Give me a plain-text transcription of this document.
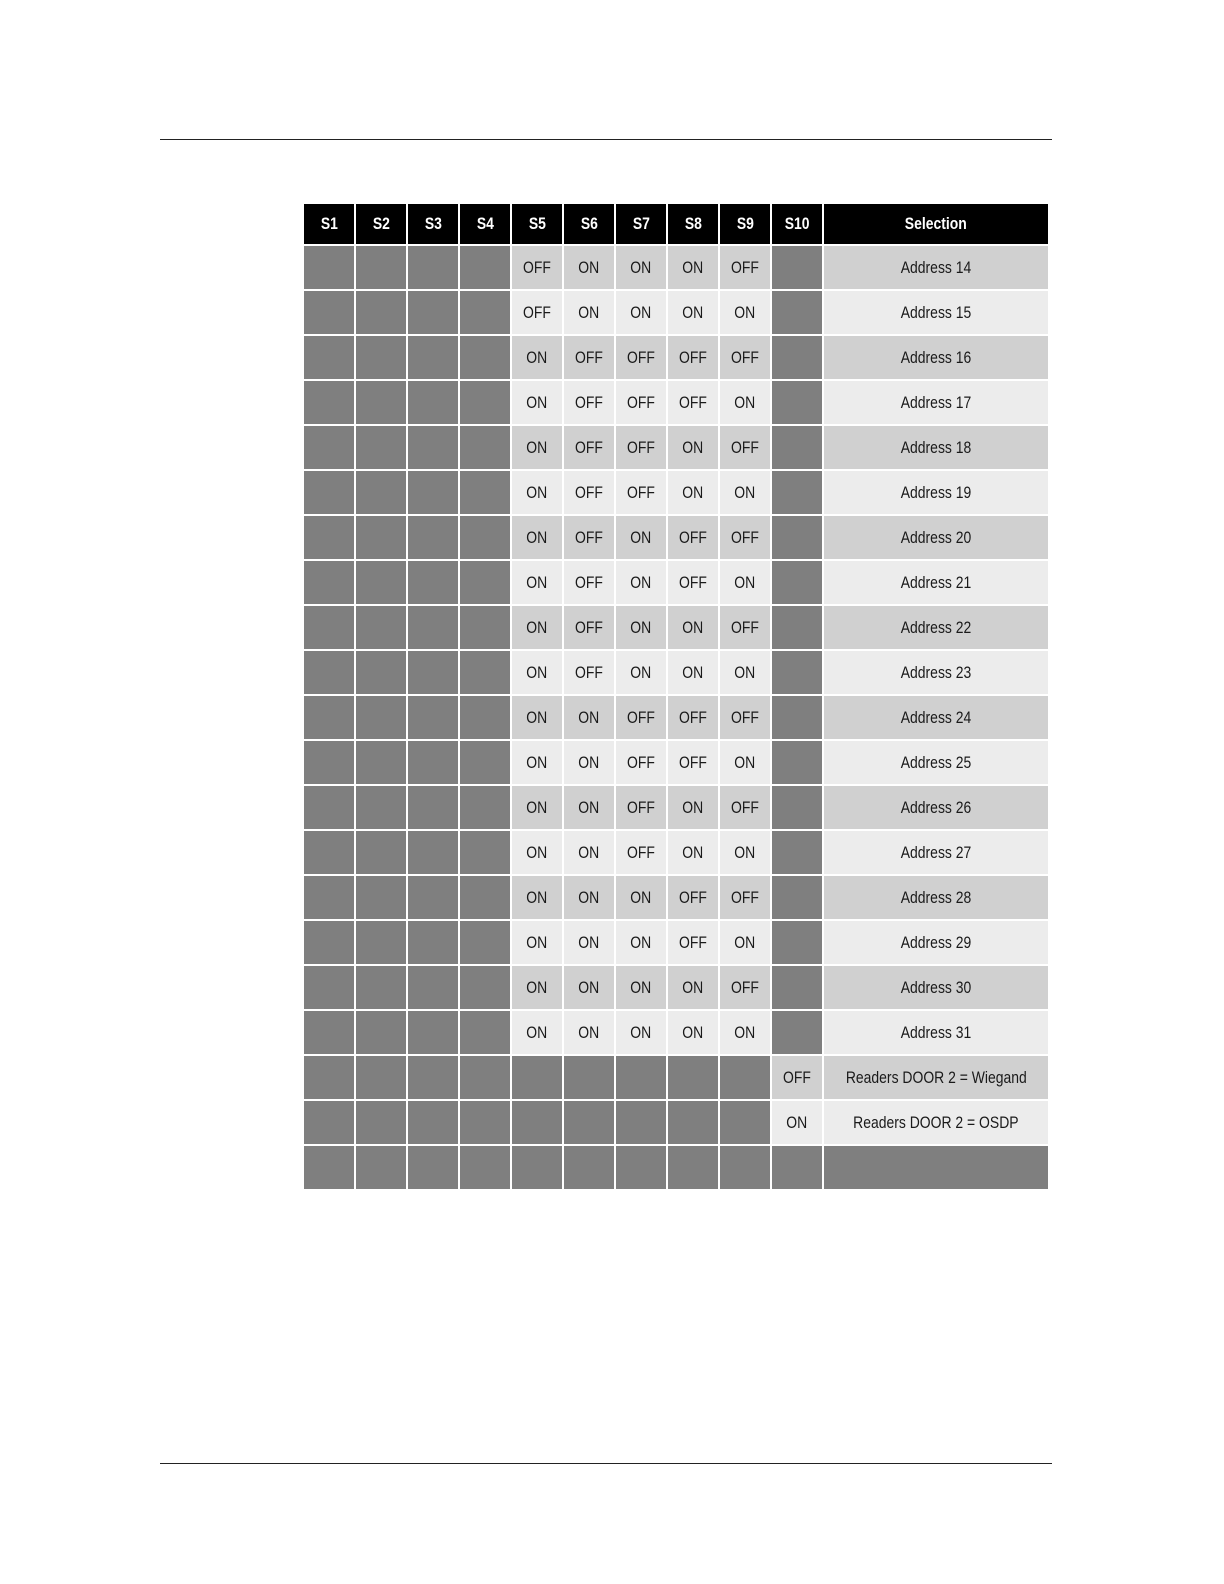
S1	S2	S3	S4	S5	S6	S7	S8	S9	S10	Selection
				OFF	ON	ON	ON	OFF		Address 14
				OFF	ON	ON	ON	ON		Address 15
				ON	OFF	OFF	OFF	OFF		Address 16
				ON	OFF	OFF	OFF	ON		Address 17
				ON	OFF	OFF	ON	OFF		Address 18
				ON	OFF	OFF	ON	ON		Address 19
				ON	OFF	ON	OFF	OFF		Address 20
				ON	OFF	ON	OFF	ON		Address 21
				ON	OFF	ON	ON	OFF		Address 22
				ON	OFF	ON	ON	ON		Address 23
				ON	ON	OFF	OFF	OFF		Address 24
				ON	ON	OFF	OFF	ON		Address 25
				ON	ON	OFF	ON	OFF		Address 26
				ON	ON	OFF	ON	ON		Address 27
				ON	ON	ON	OFF	OFF		Address 28
				ON	ON	ON	OFF	ON		Address 29
				ON	ON	ON	ON	OFF		Address 30
				ON	ON	ON	ON	ON		Address 31
									OFF	Readers DOOR 2 = Wiegand
									ON	Readers DOOR 2 = OSDP
